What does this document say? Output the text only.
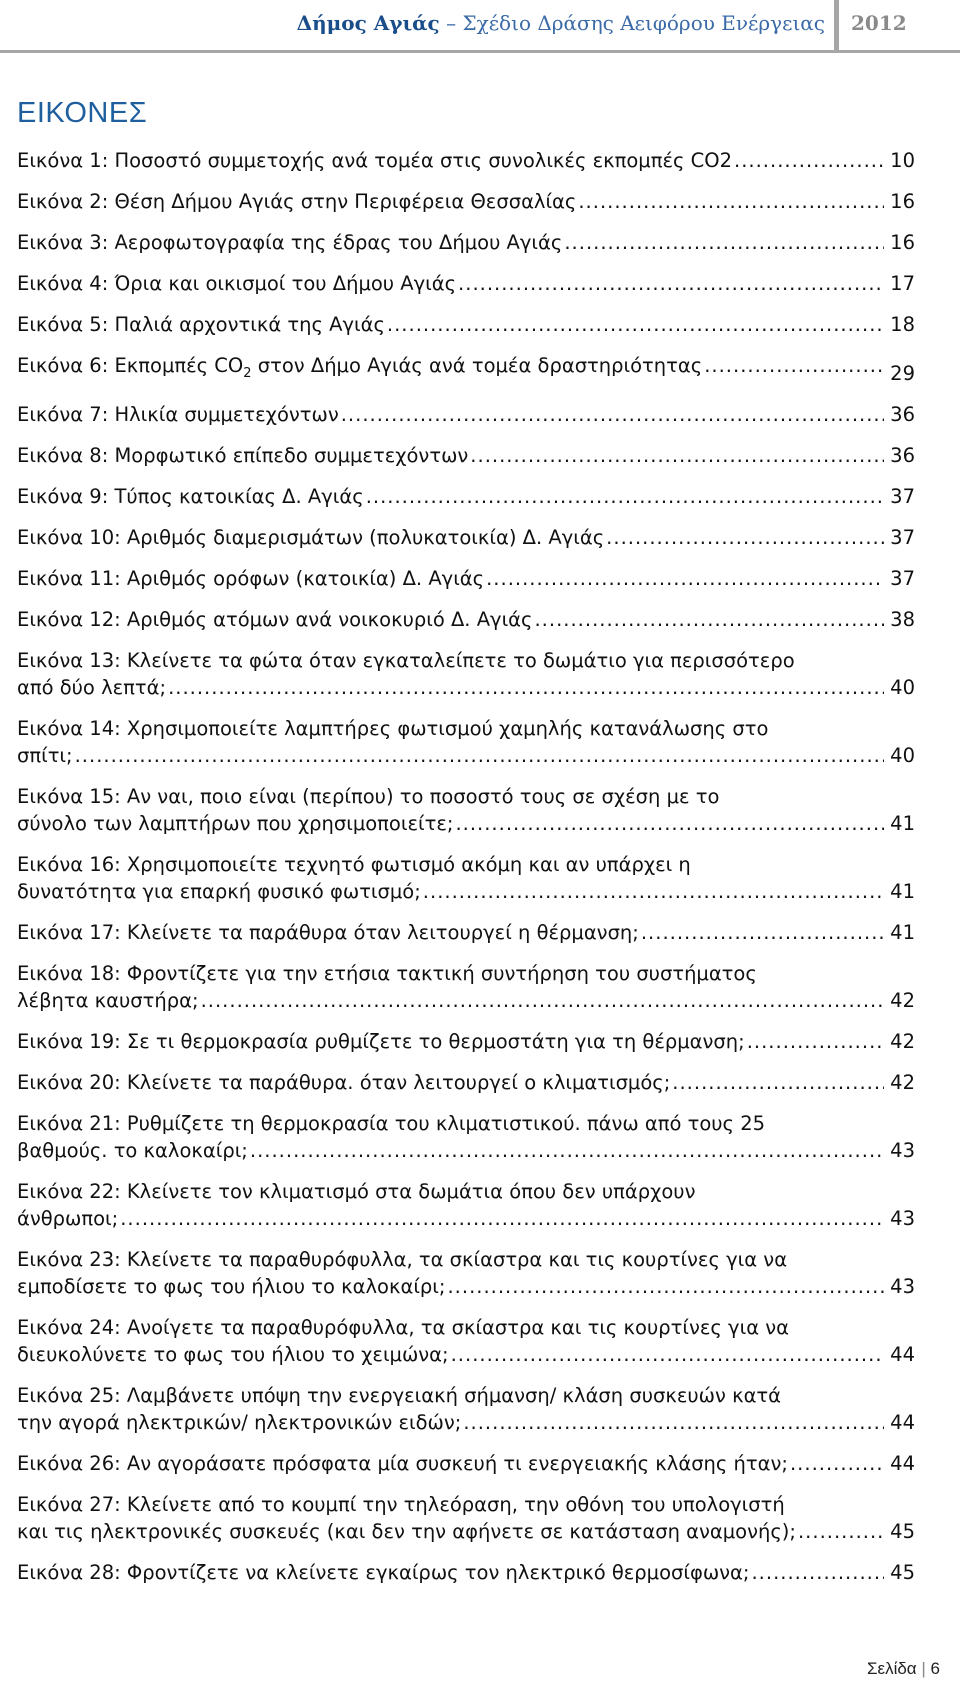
Δήμος Αγιάς – Σχέδιο Δράσης Αειφόρου Ενέργειας 2012
ΕΙΚΟΝΕΣ
Εικόνα 1: Ποσοστό συμμετοχής ανά τομέα στις συνολικές εκπομπές CO2 .....	10
Εικόνα 2: Θέση Δήμου Αγιάς στην Περιφέρεια Θεσσαλίας .....	16
Εικόνα 3: Αεροφωτογραφία της έδρας του Δήμου Αγιάς .....	16
Εικόνα 4: Όρια και οικισμοί του Δήμου Αγιάς .....	17
Εικόνα 5: Παλιά αρχοντικά της Αγιάς .....	18
Εικόνα 6: Εκπομπές $CO_2$ στον Δήμο Αγιάς ανά τομέα δραστηριότητας .....	29
Εικόνα 7: Ηλικία συμμετεχόντων .....	36
Εικόνα 8: Μορφωτικό επίπεδο συμμετεχόντων .....	36
Εικόνα 9: Τύπος κατοικίας Δ. Αγιάς .....	37
Εικόνα 10: Αριθμός διαμερισμάτων (πολυκατοικία) Δ. Αγιάς .....	37
Εικόνα 11: Αριθμός ορόφων (κατοικία) Δ. Αγιάς .....	37
Εικόνα 12: Αριθμός ατόμων ανά νοικοκυριό Δ. Αγιάς .....	38
Εικόνα 13: Κλείνετε τα φώτα όταν εγκαταλείπετε το δωμάτιο για περισσότερο
από δύο λεπτά; .....	40
Εικόνα 14: Χρησιμοποιείτε λαμπτήρες φωτισμού χαμηλής κατανάλωσης στο
σπίτι; .....	40
Εικόνα 15: Αν ναι, ποιο είναι (περίπου) το ποσοστό τους σε σχέση με το
σύνολο των λαμπτήρων που χρησιμοποιείτε; .....	41
Εικόνα 16: Χρησιμοποιείτε τεχνητό φωτισμό ακόμη και αν υπάρχει η
δυνατότητα για επαρκή φυσικό φωτισμό; .....	41
Εικόνα 17: Κλείνετε τα παράθυρα όταν λειτουργεί η θέρμανση; .....	41
Εικόνα 18: Φροντίζετε για την ετήσια τακτική συντήρηση του συστήματος
λέβητα καυστήρα; .....	42
Εικόνα 19: Σε τι θερμοκρασία ρυθμίζετε το θερμοστάτη για τη θέρμανση; .....	42
Εικόνα 20: Κλείνετε τα παράθυρα. όταν λειτουργεί ο κλιματισμός; .....	42
Εικόνα 21: Ρυθμίζετε τη θερμοκρασία του κλιματιστικού. πάνω από τους 25
βαθμούς. το καλοκαίρι; .....	43
Εικόνα 22: Κλείνετε τον κλιματισμό στα δωμάτια όπου δεν υπάρχουν
άνθρωποι; .....	43
Εικόνα 23: Κλείνετε τα παραθυρόφυλλα, τα σκίαστρα και τις κουρτίνες για να
εμποδίσετε το φως του ήλιου το καλοκαίρι; .....	43
Εικόνα 24: Ανοίγετε τα παραθυρόφυλλα, τα σκίαστρα και τις κουρτίνες για να
διευκολύνετε το φως του ήλιου το χειμώνα; .....	44
Εικόνα 25: Λαμβάνετε υπόψη την ενεργειακή σήμανση/ κλάση συσκευών κατά
την αγορά ηλεκτρικών/ ηλεκτρονικών ειδών; .....	44
Εικόνα 26: Αν αγοράσατε πρόσφατα μία συσκευή τι ενεργειακής κλάσης ήταν; .....	44
Εικόνα 27: Κλείνετε από το κουμπί την τηλεόραση, την οθόνη του υπολογιστή
και τις ηλεκτρονικές συσκευές (και δεν την αφήνετε σε κατάσταση αναμονής); .....	45
Εικόνα 28: Φροντίζετε να κλείνετε εγκαίρως τον ηλεκτρικό θερμοσίφωνα; .....	45
Σελίδα | 6
